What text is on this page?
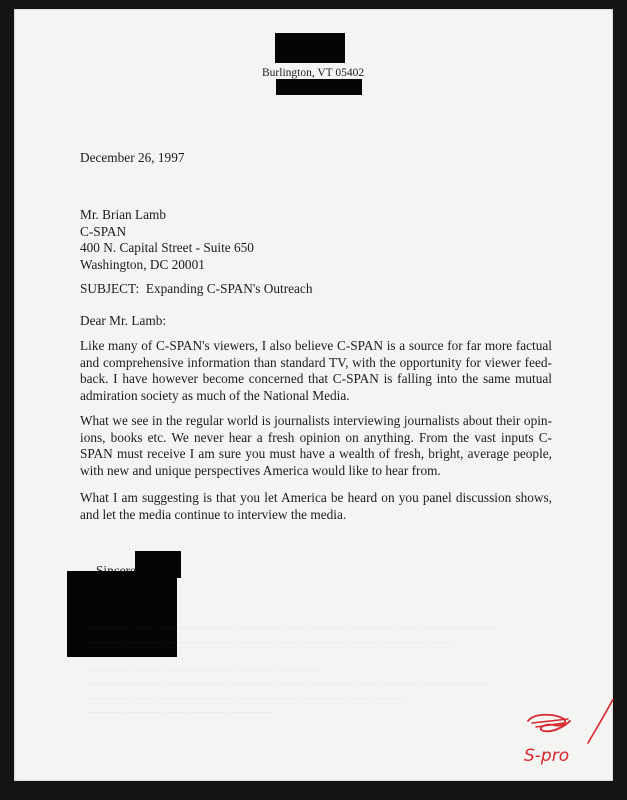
Burlington, VT 05402
December 26, 1997
Mr. Brian Lamb
C-SPAN
400 N. Capital Street - Suite 650
Washington, DC 20001
SUBJECT: Expanding C-SPAN's Outreach
Dear Mr. Lamb:
Like many of C-SPAN's viewers, I also believe C-SPAN is a source for far more factual and comprehensive information than standard TV, with the opportunity for viewer feed-back. I have however become concerned that C-SPAN is falling into the same mutual admiration society as much of the National Media.
What we see in the regular world is journalists interviewing journalists about their opin-ions, books etc. We never hear a fresh opinion on anything. From the vast inputs C-SPAN must receive I am sure you must have a wealth of fresh, bright, average people, with new and unique perspectives America would like to hear from.
What I am suggesting is that you let America be heard on you panel discussion shows, and let the media continue to interview the media.
———— —— ——— ———— ———— —— ——— ———— —— ———— ———
——— ———— —— ———— ——— —— ———— ——— ———— ——

———— ——— —— ———— ——— ————
——— ———— —— ——— ———— ——— ———— —— ——— ———— ——
———— —— ——— ———— —— ——— ———— —— ———
——— ———— —— ——— ————
S-pro
